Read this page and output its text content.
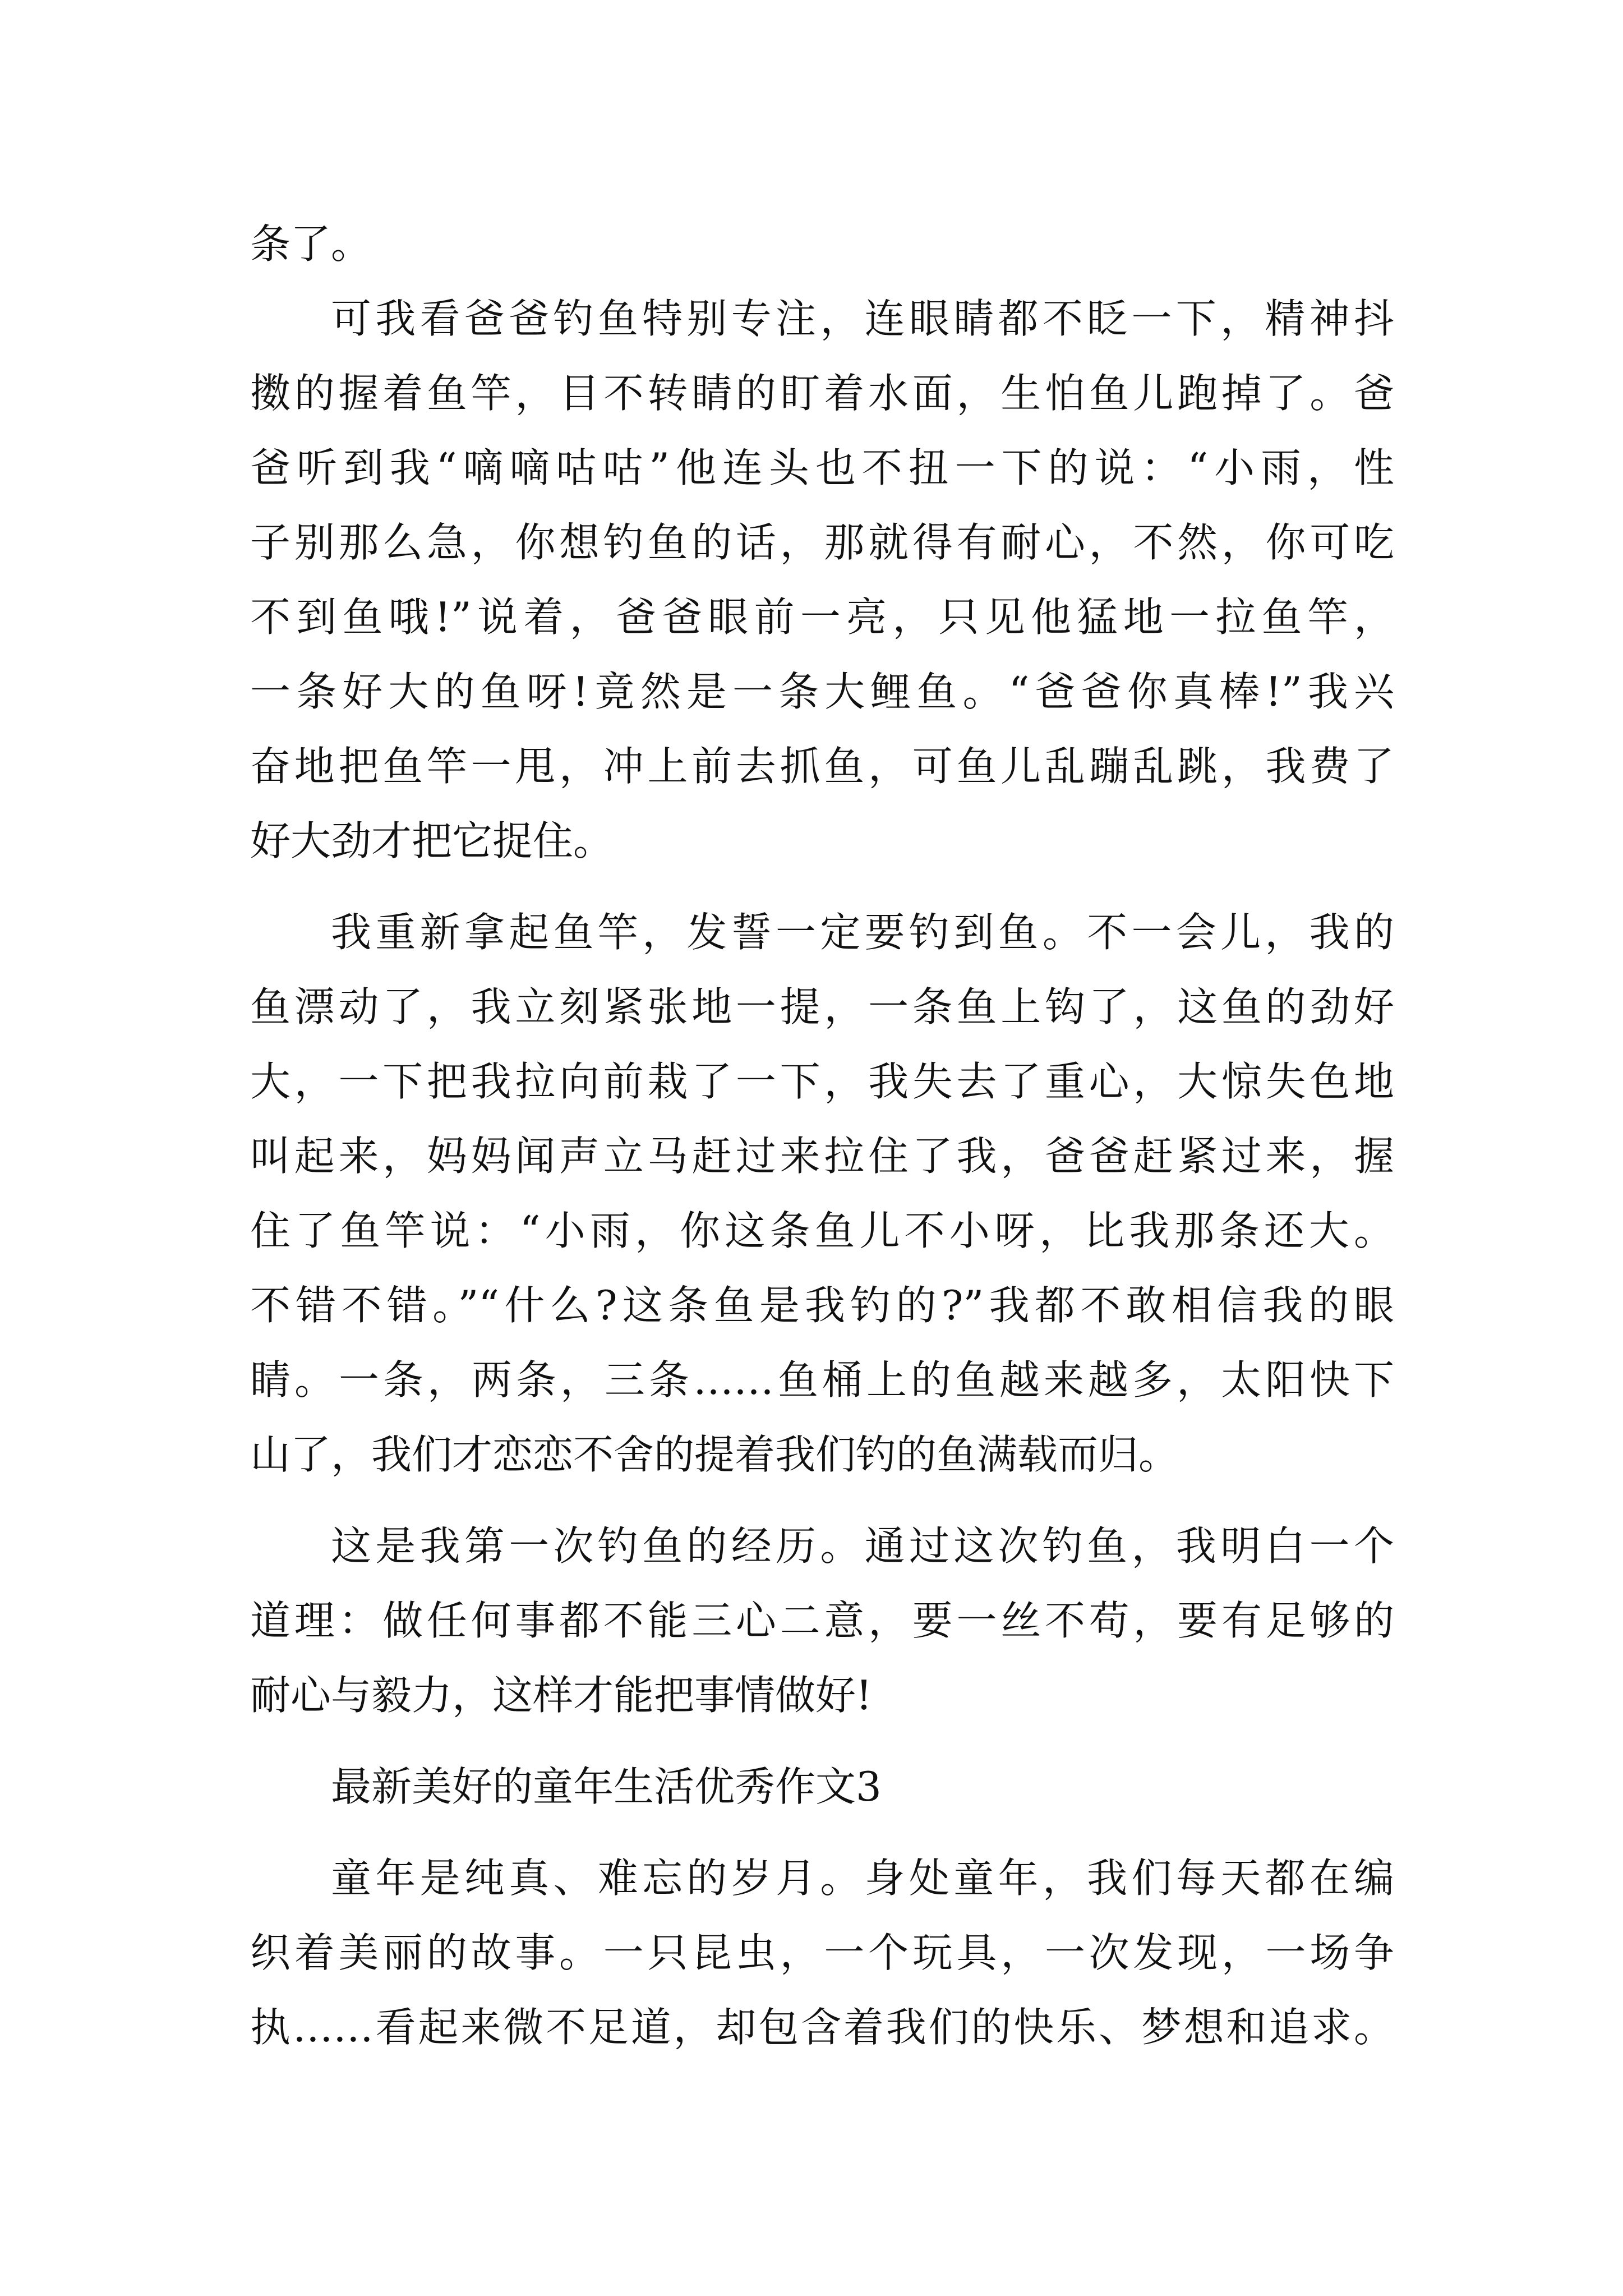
条了。

可我看爸爸钓鱼特别专注，连眼睛都不眨一下，精神抖

擞的握着鱼竿，目不转睛的盯着水面，生怕鱼儿跑掉了。爸

爸听到我“嘀嘀咕咕”他连头也不扭一下的说：“小雨，性

子别那么急，你想钓鱼的话，那就得有耐心，不然，你可吃

不到鱼哦!”说着，爸爸眼前一亮，只见他猛地一拉鱼竿，

一条好大的鱼呀!竟然是一条大鲤鱼。“爸爸你真棒!”我兴

奋地把鱼竿一甩，冲上前去抓鱼，可鱼儿乱蹦乱跳，我费了

好大劲才把它捉住。

我重新拿起鱼竿，发誓一定要钓到鱼。不一会儿，我的

鱼漂动了，我立刻紧张地一提，一条鱼上钩了，这鱼的劲好

大，一下把我拉向前栽了一下，我失去了重心，大惊失色地

叫起来，妈妈闻声立马赶过来拉住了我，爸爸赶紧过来，握

住了鱼竿说：“小雨，你这条鱼儿不小呀，比我那条还大。

不错不错。”“什么?这条鱼是我钓的?”我都不敢相信我的眼

睛。一条，两条，三条……鱼桶上的鱼越来越多，太阳快下

山了，我们才恋恋不舍的提着我们钓的鱼满载而归。

这是我第一次钓鱼的经历。通过这次钓鱼，我明白一个

道理：做任何事都不能三心二意，要一丝不苟，要有足够的

耐心与毅力，这样才能把事情做好!

最新美好的童年生活优秀作文3

童年是纯真、难忘的岁月。身处童年，我们每天都在编

织着美丽的故事。一只昆虫，一个玩具，一次发现，一场争

执……看起来微不足道，却包含着我们的快乐、梦想和追求。
